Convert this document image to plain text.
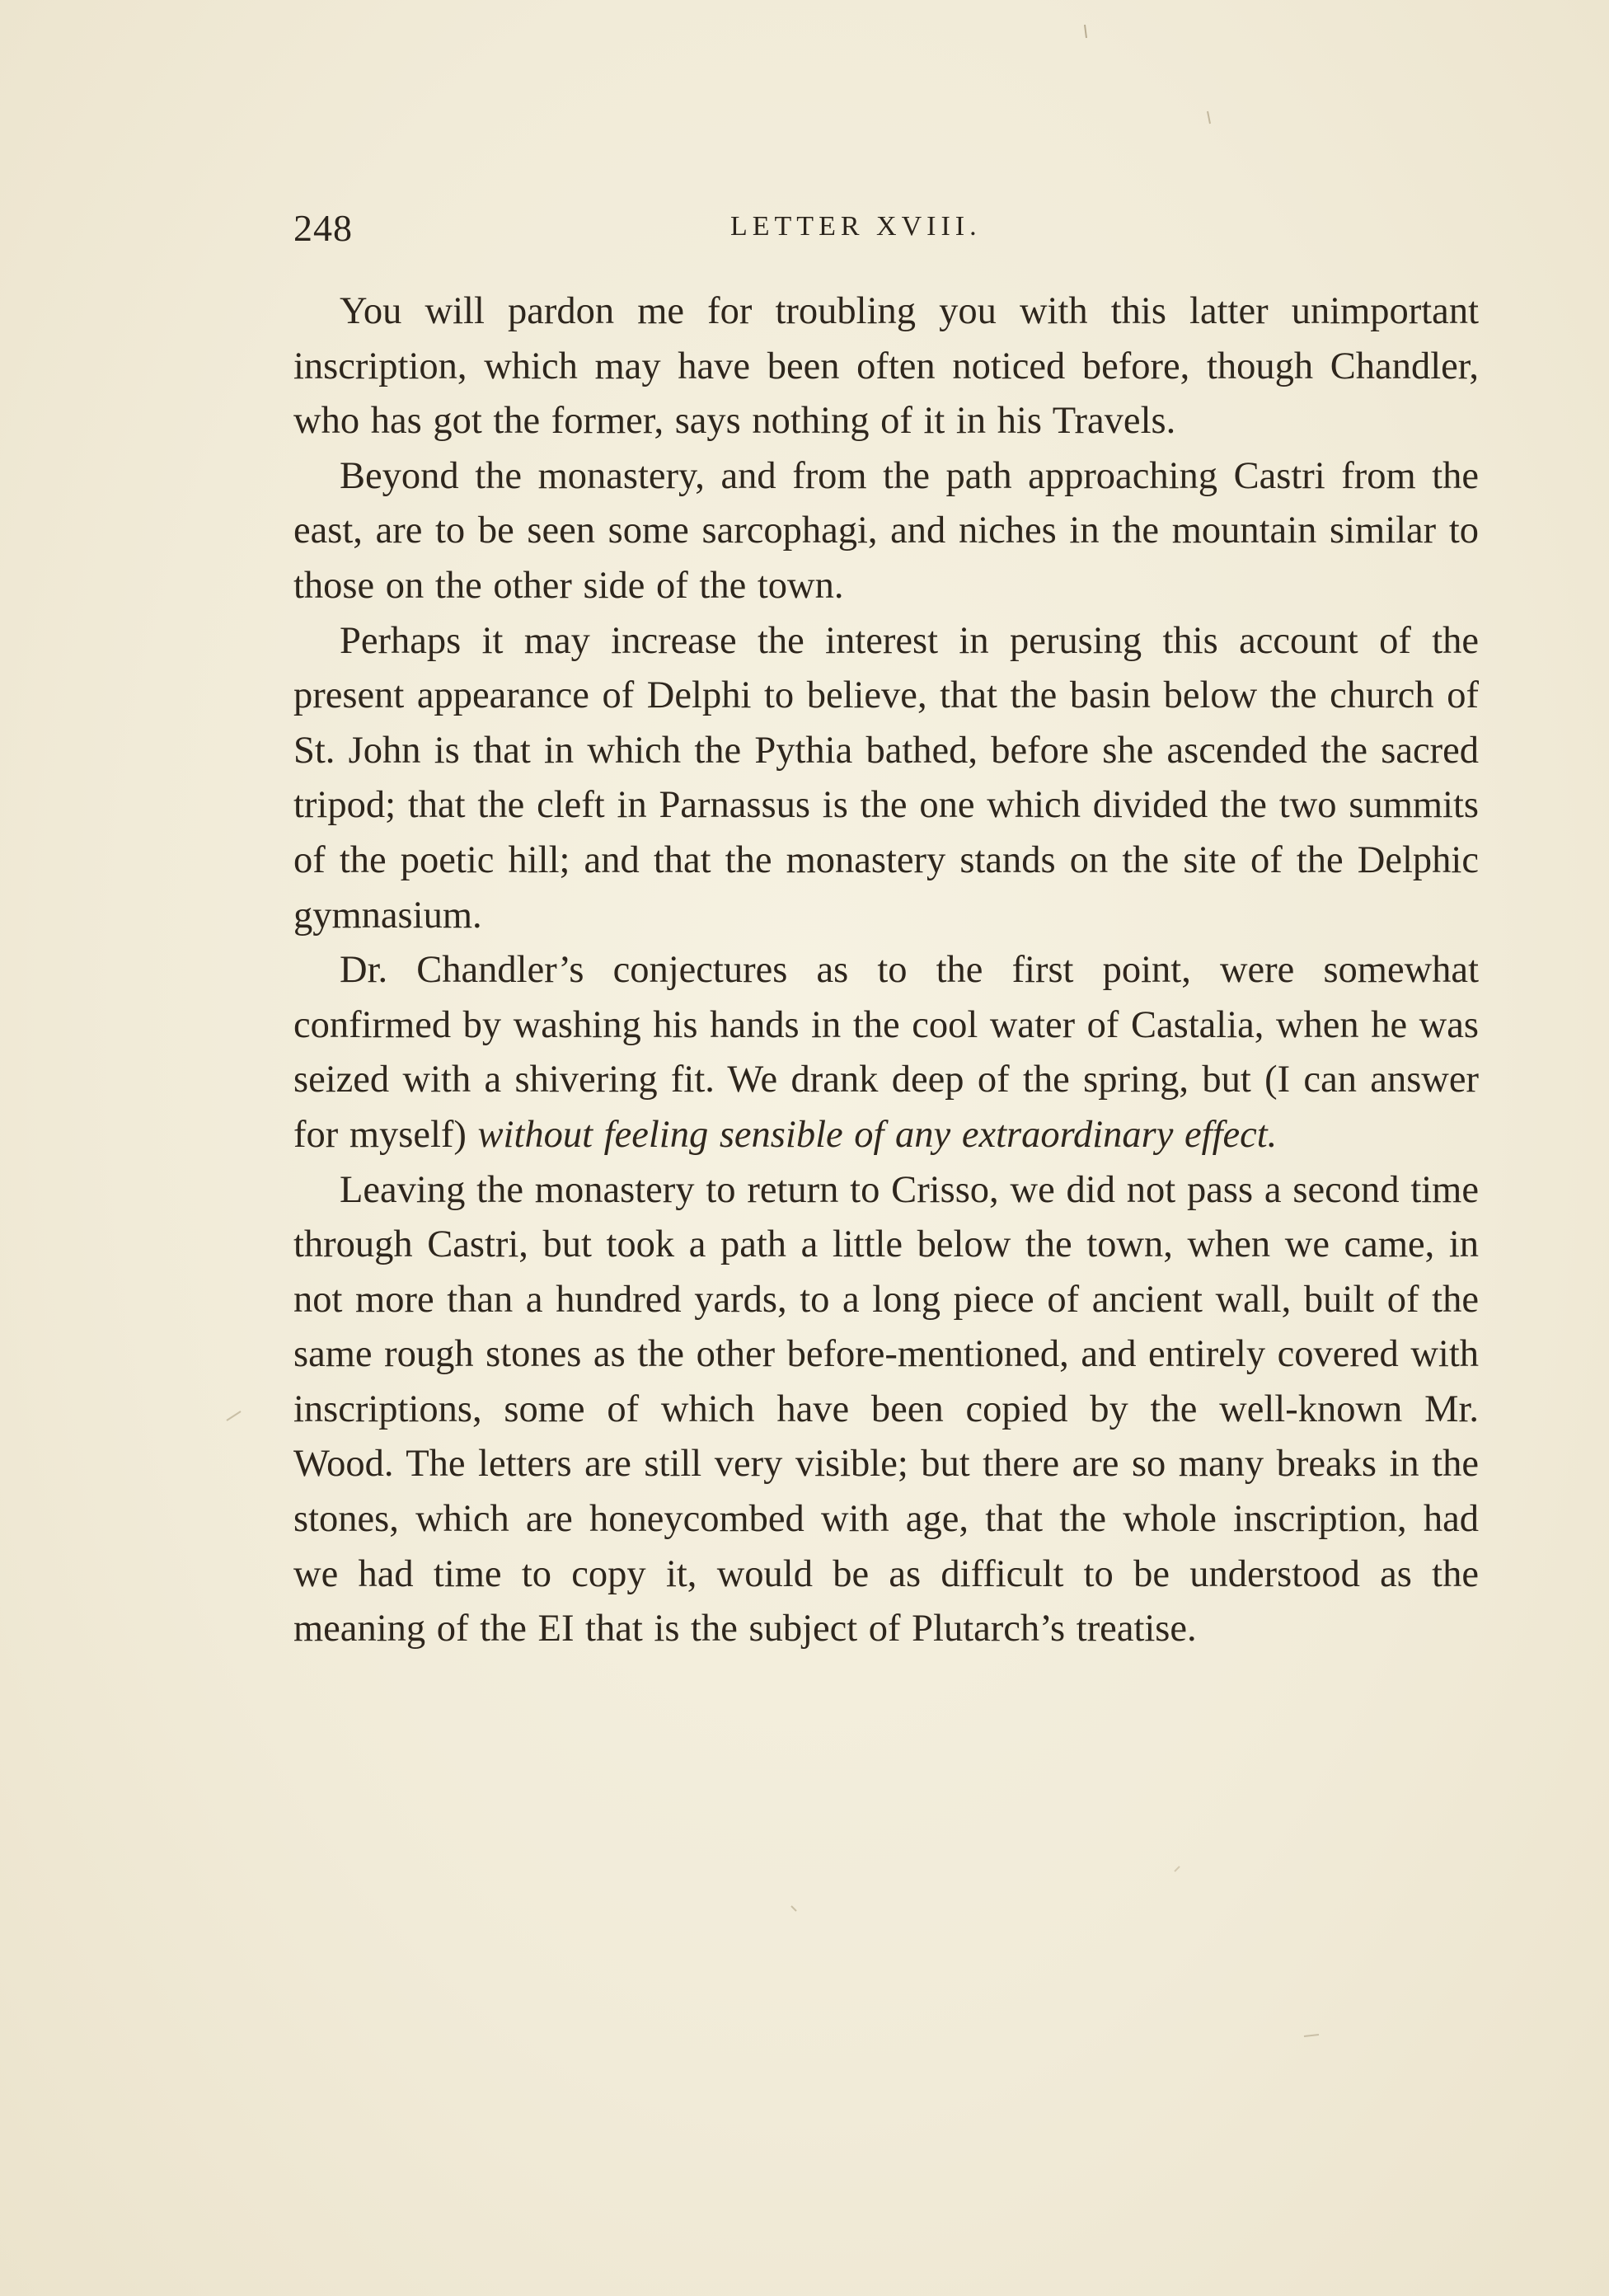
248	LETTER XVIII.

You will pardon me for troubling you with this latter unimportant inscription, which may have been often noticed before, though Chandler, who has got the former, says nothing of it in his Travels.

Beyond the monastery, and from the path approaching Castri from the east, are to be seen some sarcophagi, and niches in the mountain similar to those on the other side of the town.

Perhaps it may increase the interest in perusing this account of the present appearance of Delphi to believe, that the basin below the church of St. John is that in which the Pythia bathed, before she ascended the sacred tripod; that the cleft in Parnassus is the one which divided the two summits of the poetic hill; and that the monastery stands on the site of the Delphic gymnasium.

Dr. Chandler’s conjectures as to the first point, were somewhat confirmed by washing his hands in the cool water of Castalia, when he was seized with a shivering fit. We drank deep of the spring, but (I can answer for myself) without feeling sensible of any extraordinary effect.

Leaving the monastery to return to Crisso, we did not pass a second time through Castri, but took a path a little below the town, when we came, in not more than a hundred yards, to a long piece of ancient wall, built of the same rough stones as the other before-mentioned, and entirely covered with inscriptions, some of which have been copied by the well-known Mr. Wood. The letters are still very visible; but there are so many breaks in the stones, which are honeycombed with age, that the whole inscription, had we had time to copy it, would be as difficult to be understood as the meaning of the EI that is the subject of Plutarch’s treatise.
